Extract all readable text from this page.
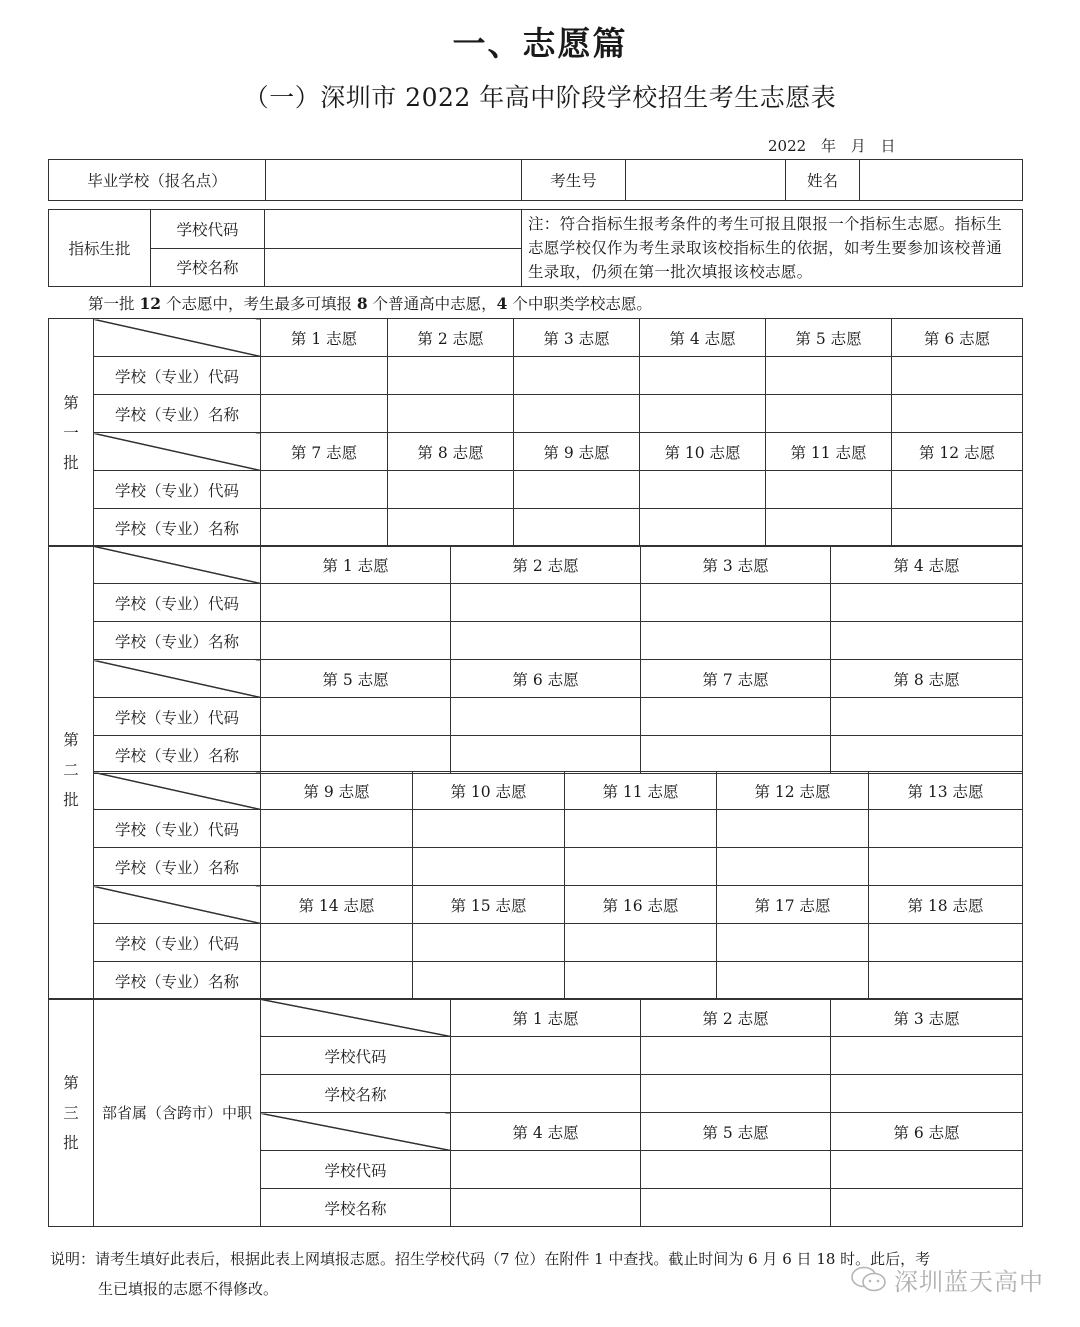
一、志愿篇
（一）深圳市 2022 年高中阶段学校招生考生志愿表
2022 年 月 日
毕业学校（报名点）		考生号		姓名	
指标生批	学校代码		注：符合指标生报考条件的考生可报且限报一个指标生志愿。指标生志愿学校仅作为考生录取该校指标生的依据，如考生要参加该校普通生录取，仍须在第一批次填报该校志愿。
	学校名称		
第一批 12 个志愿中，考生最多可填报 8 个普通高中志愿，4 个中职类学校志愿。
第一批		第 1 志愿	第 2 志愿	第 3 志愿	第 4 志愿	第 5 志愿	第 6 志愿
	学校（专业）代码						
	学校（专业）名称						
		第 7 志愿	第 8 志愿	第 9 志愿	第 10 志愿	第 11 志愿	第 12 志愿
	学校（专业）代码						
	学校（专业）名称						
		第 1 志愿	第 2 志愿	第 3 志愿	第 4 志愿
	学校（专业）代码				
	学校（专业）名称				
		第 5 志愿	第 6 志愿	第 7 志愿	第 8 志愿
	学校（专业）代码				
	学校（专业）名称				
		第 9 志愿	第 10 志愿	第 11 志愿	第 12 志愿	第 13 志愿
	学校（专业）代码					
	学校（专业）名称					
		第 14 志愿	第 15 志愿	第 16 志愿	第 17 志愿	第 18 志愿
	学校（专业）代码					
	学校（专业）名称					
第二批
第三批	部省属（含跨市）中职		第 1 志愿	第 2 志愿	第 3 志愿
		学校代码			
		学校名称			
			第 4 志愿	第 5 志愿	第 6 志愿
		学校代码			
		学校名称			
说明：请考生填好此表后，根据此表上网填报志愿。招生学校代码（7 位）在附件 1 中查找。截止时间为 6 月 6 日 18 时。此后，考
生已填报的志愿不得修改。	深圳蓝天高中
